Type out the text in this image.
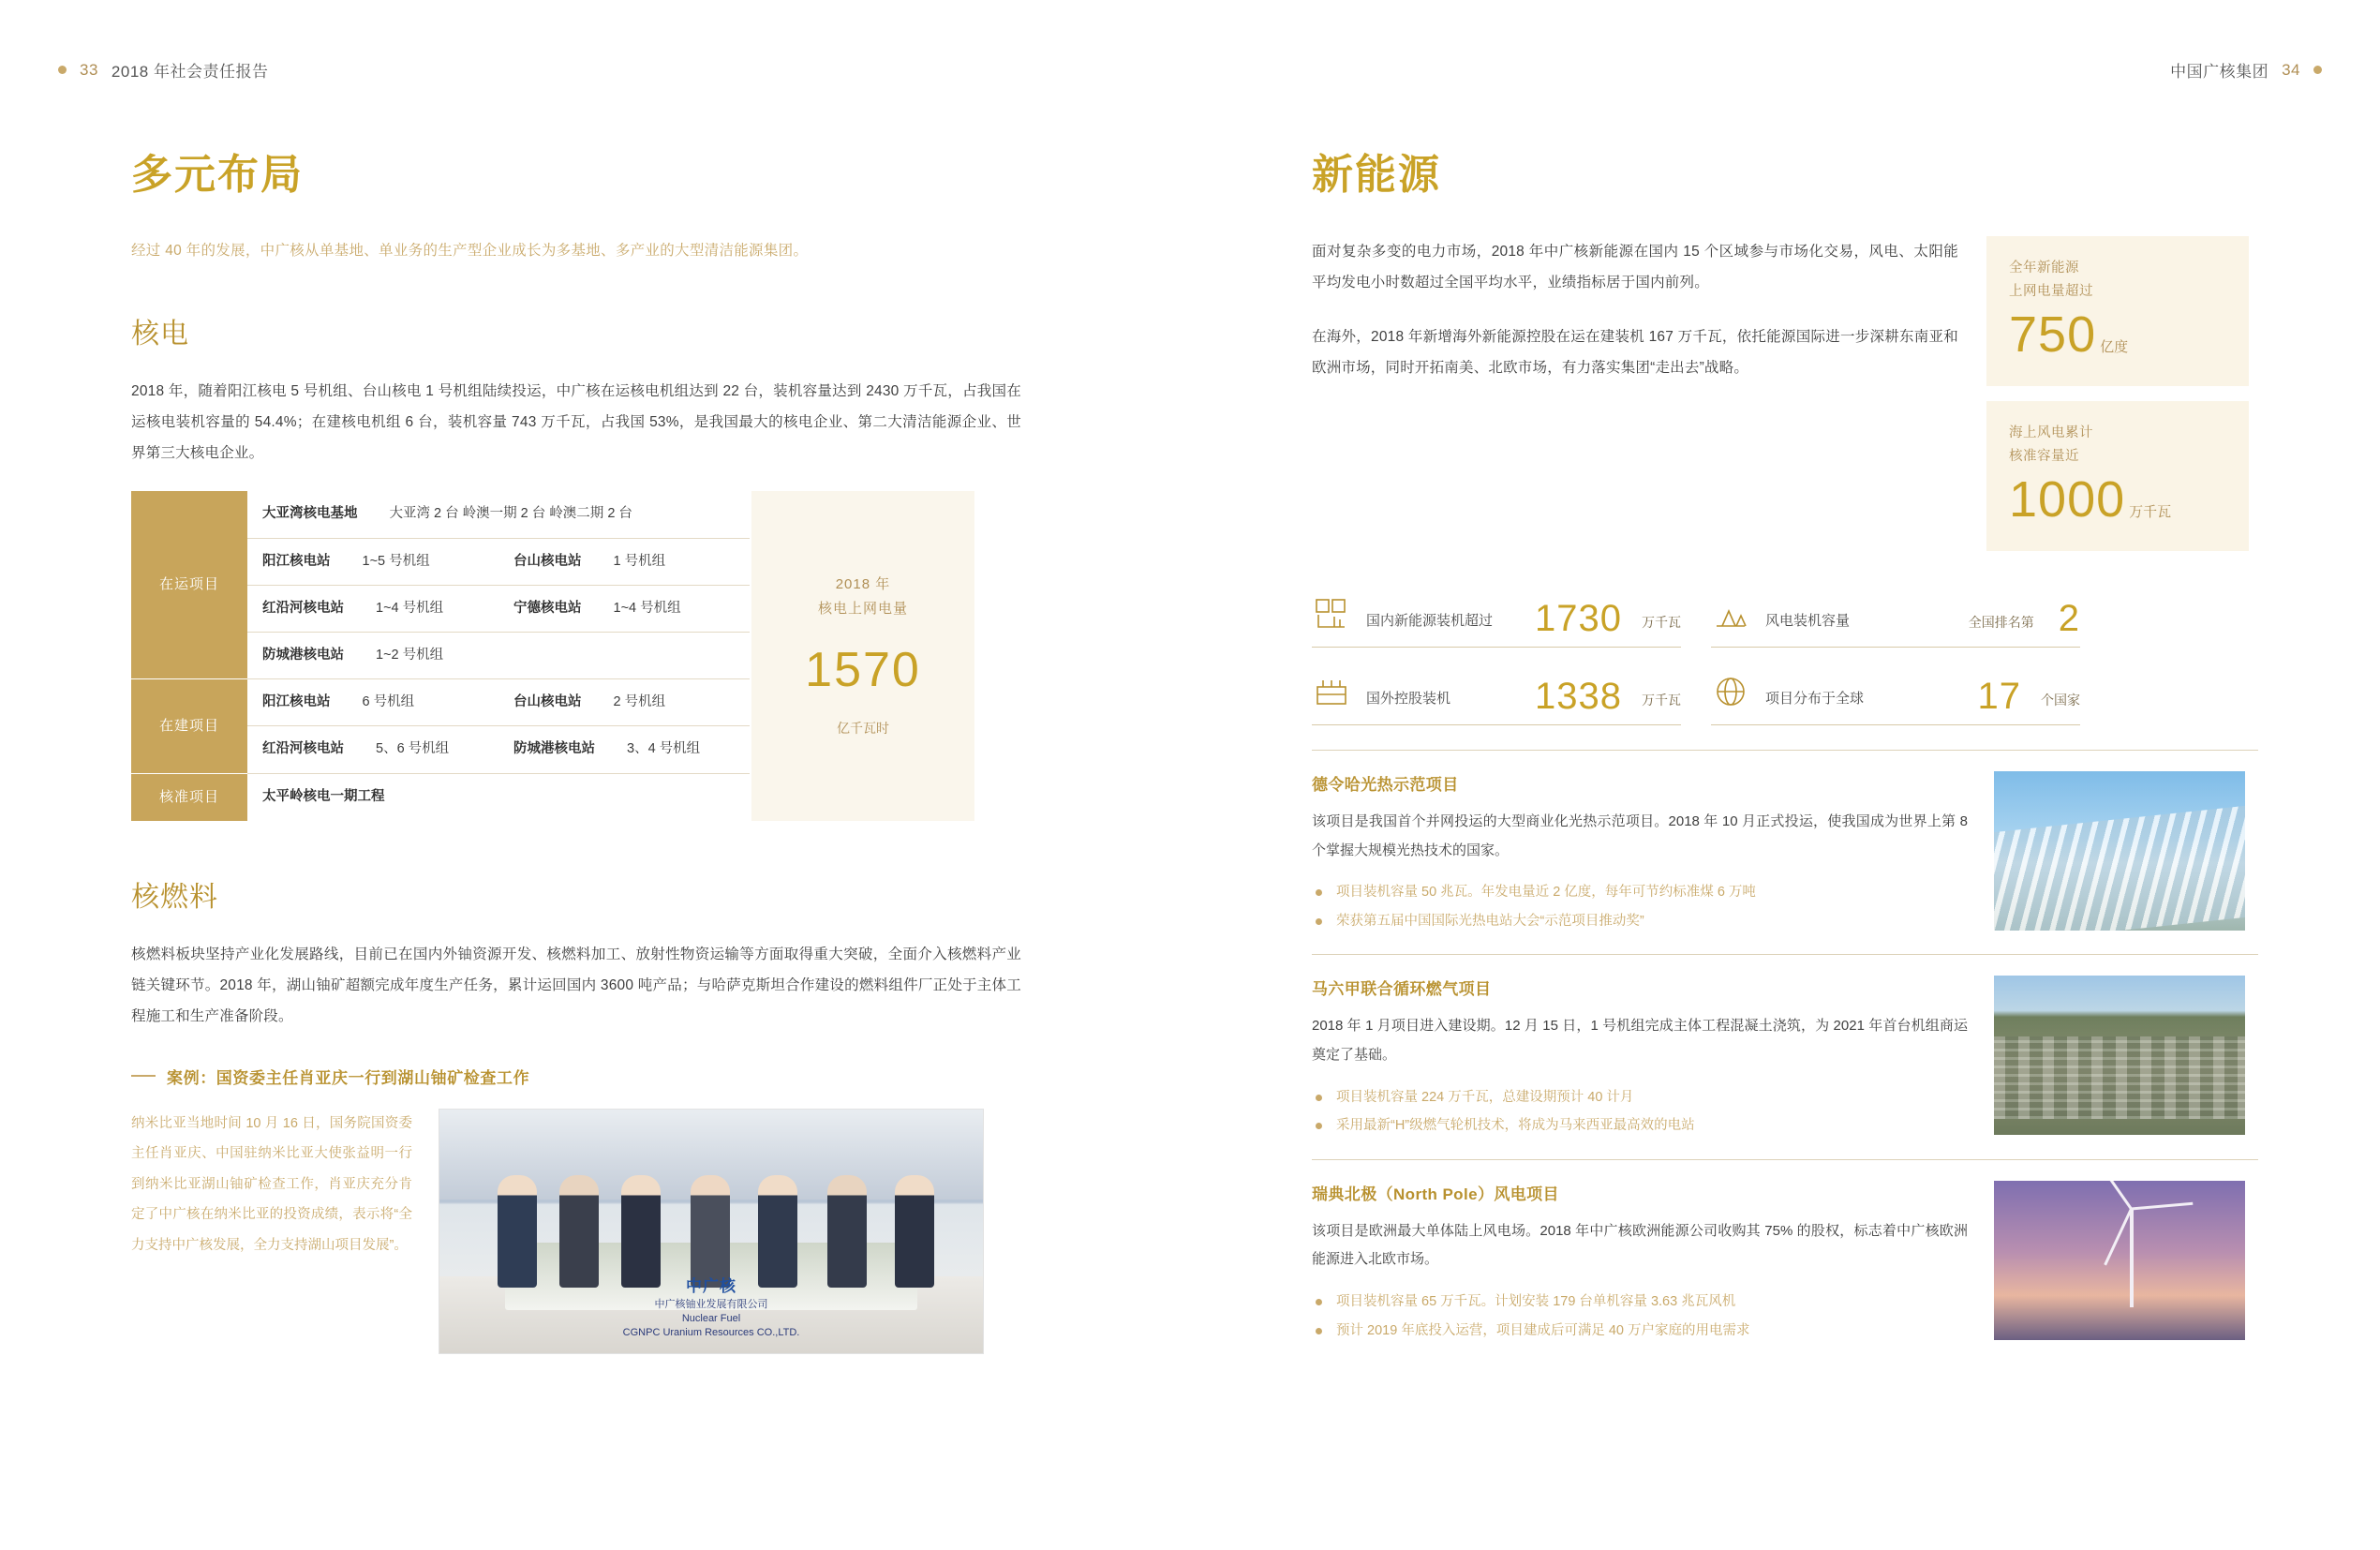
33 2018 年社会责任报告	中国广核集团 34
多元布局
经过 40 年的发展，中广核从单基地、单业务的生产型企业成长为多基地、多产业的大型清洁能源集团。
核电

2018 年，随着阳江核电 5 号机组、台山核电 1 号机组陆续投运，中广核在运核电机组达到 22 台，装机容量达到 2430 万千瓦，占我国在运核电装机容量的 54.4%；在建核电机组 6 台，装机容量 743 万千瓦，占我国 53%，是我国最大的核电企业、第二大清洁能源企业、世界第三大核电企业。

在运项目	大亚湾核电基地 大亚湾 2 台 岭澳一期 2 台 岭澳二期 2 台	
	阳江核电站 1~5 号机组	台山核电站 1 号机组
	红沿河核电站 1~4 号机组	宁德核电站 1~4 号机组
	防城港核电站 1~2 号机组	
在建项目	阳江核电站 6 号机组	台山核电站 2 号机组
	红沿河核电站 5、6 号机组	防城港核电站 3、4 号机组
核准项目	太平岭核电一期工程	
2018 年
核电上网电量
1570
亿千瓦时
核燃料

核燃料板块坚持产业化发展路线，目前已在国内外铀资源开发、核燃料加工、放射性物资运输等方面取得重大突破，全面介入核燃料产业链关键环节。2018 年，湖山铀矿超额完成年度生产任务，累计运回国内 3600 吨产品；与哈萨克斯坦合作建设的燃料组件厂正处于主体工程施工和生产准备阶段。

案例：国资委主任肖亚庆一行到湖山铀矿检查工作
纳米比亚当地时间 10 月 16 日，国务院国资委主任肖亚庆、中国驻纳米比亚大使张益明一行到纳米比亚湖山铀矿检查工作，肖亚庆充分肯定了中广核在纳米比亚的投资成绩，表示将“全力支持中广核发展，全力支持湖山项目发展”。
中广核
中广核铀业发展有限公司
Nuclear Fuel
CGNPC Uranium Resources CO.,LTD.
新能源

面对复杂多变的电力市场，2018 年中广核新能源在国内 15 个区域参与市场化交易，风电、太阳能平均发电小时数超过全国平均水平，业绩指标居于国内前列。

在海外，2018 年新增海外新能源控股在运在建装机 167 万千瓦，依托能源国际进一步深耕东南亚和欧洲市场，同时开拓南美、北欧市场，有力落实集团“走出去”战略。

全年新能源
上网电量超过
750 亿度
海上风电累计
核准容量近
1000 万千瓦
国内新能源装机超过 1730 万千瓦	风电装机容量	全国排名第 2
国外控股装机 1338 万千瓦	项目分布于全球	17 个国家
德令哈光热示范项目

该项目是我国首个并网投运的大型商业化光热示范项目。2018 年 10 月正式投运，使我国成为世界上第 8 个掌握大规模光热技术的国家。

项目装机容量 50 兆瓦。年发电量近 2 亿度，每年可节约标准煤 6 万吨
荣获第五届中国国际光热电站大会“示范项目推动奖”
马六甲联合循环燃气项目

2018 年 1 月项目进入建设期。12 月 15 日，1 号机组完成主体工程混凝土浇筑，为 2021 年首台机组商运奠定了基础。

项目装机容量 224 万千瓦，总建设期预计 40 计月
采用最新“H”级燃气轮机技术，将成为马来西亚最高效的电站
瑞典北极（North Pole）风电项目

该项目是欧洲最大单体陆上风电场。2018 年中广核欧洲能源公司收购其 75% 的股权，标志着中广核欧洲能源进入北欧市场。

项目装机容量 65 万千瓦。计划安装 179 台单机容量 3.63 兆瓦风机
预计 2019 年底投入运营，项目建成后可满足 40 万户家庭的用电需求
